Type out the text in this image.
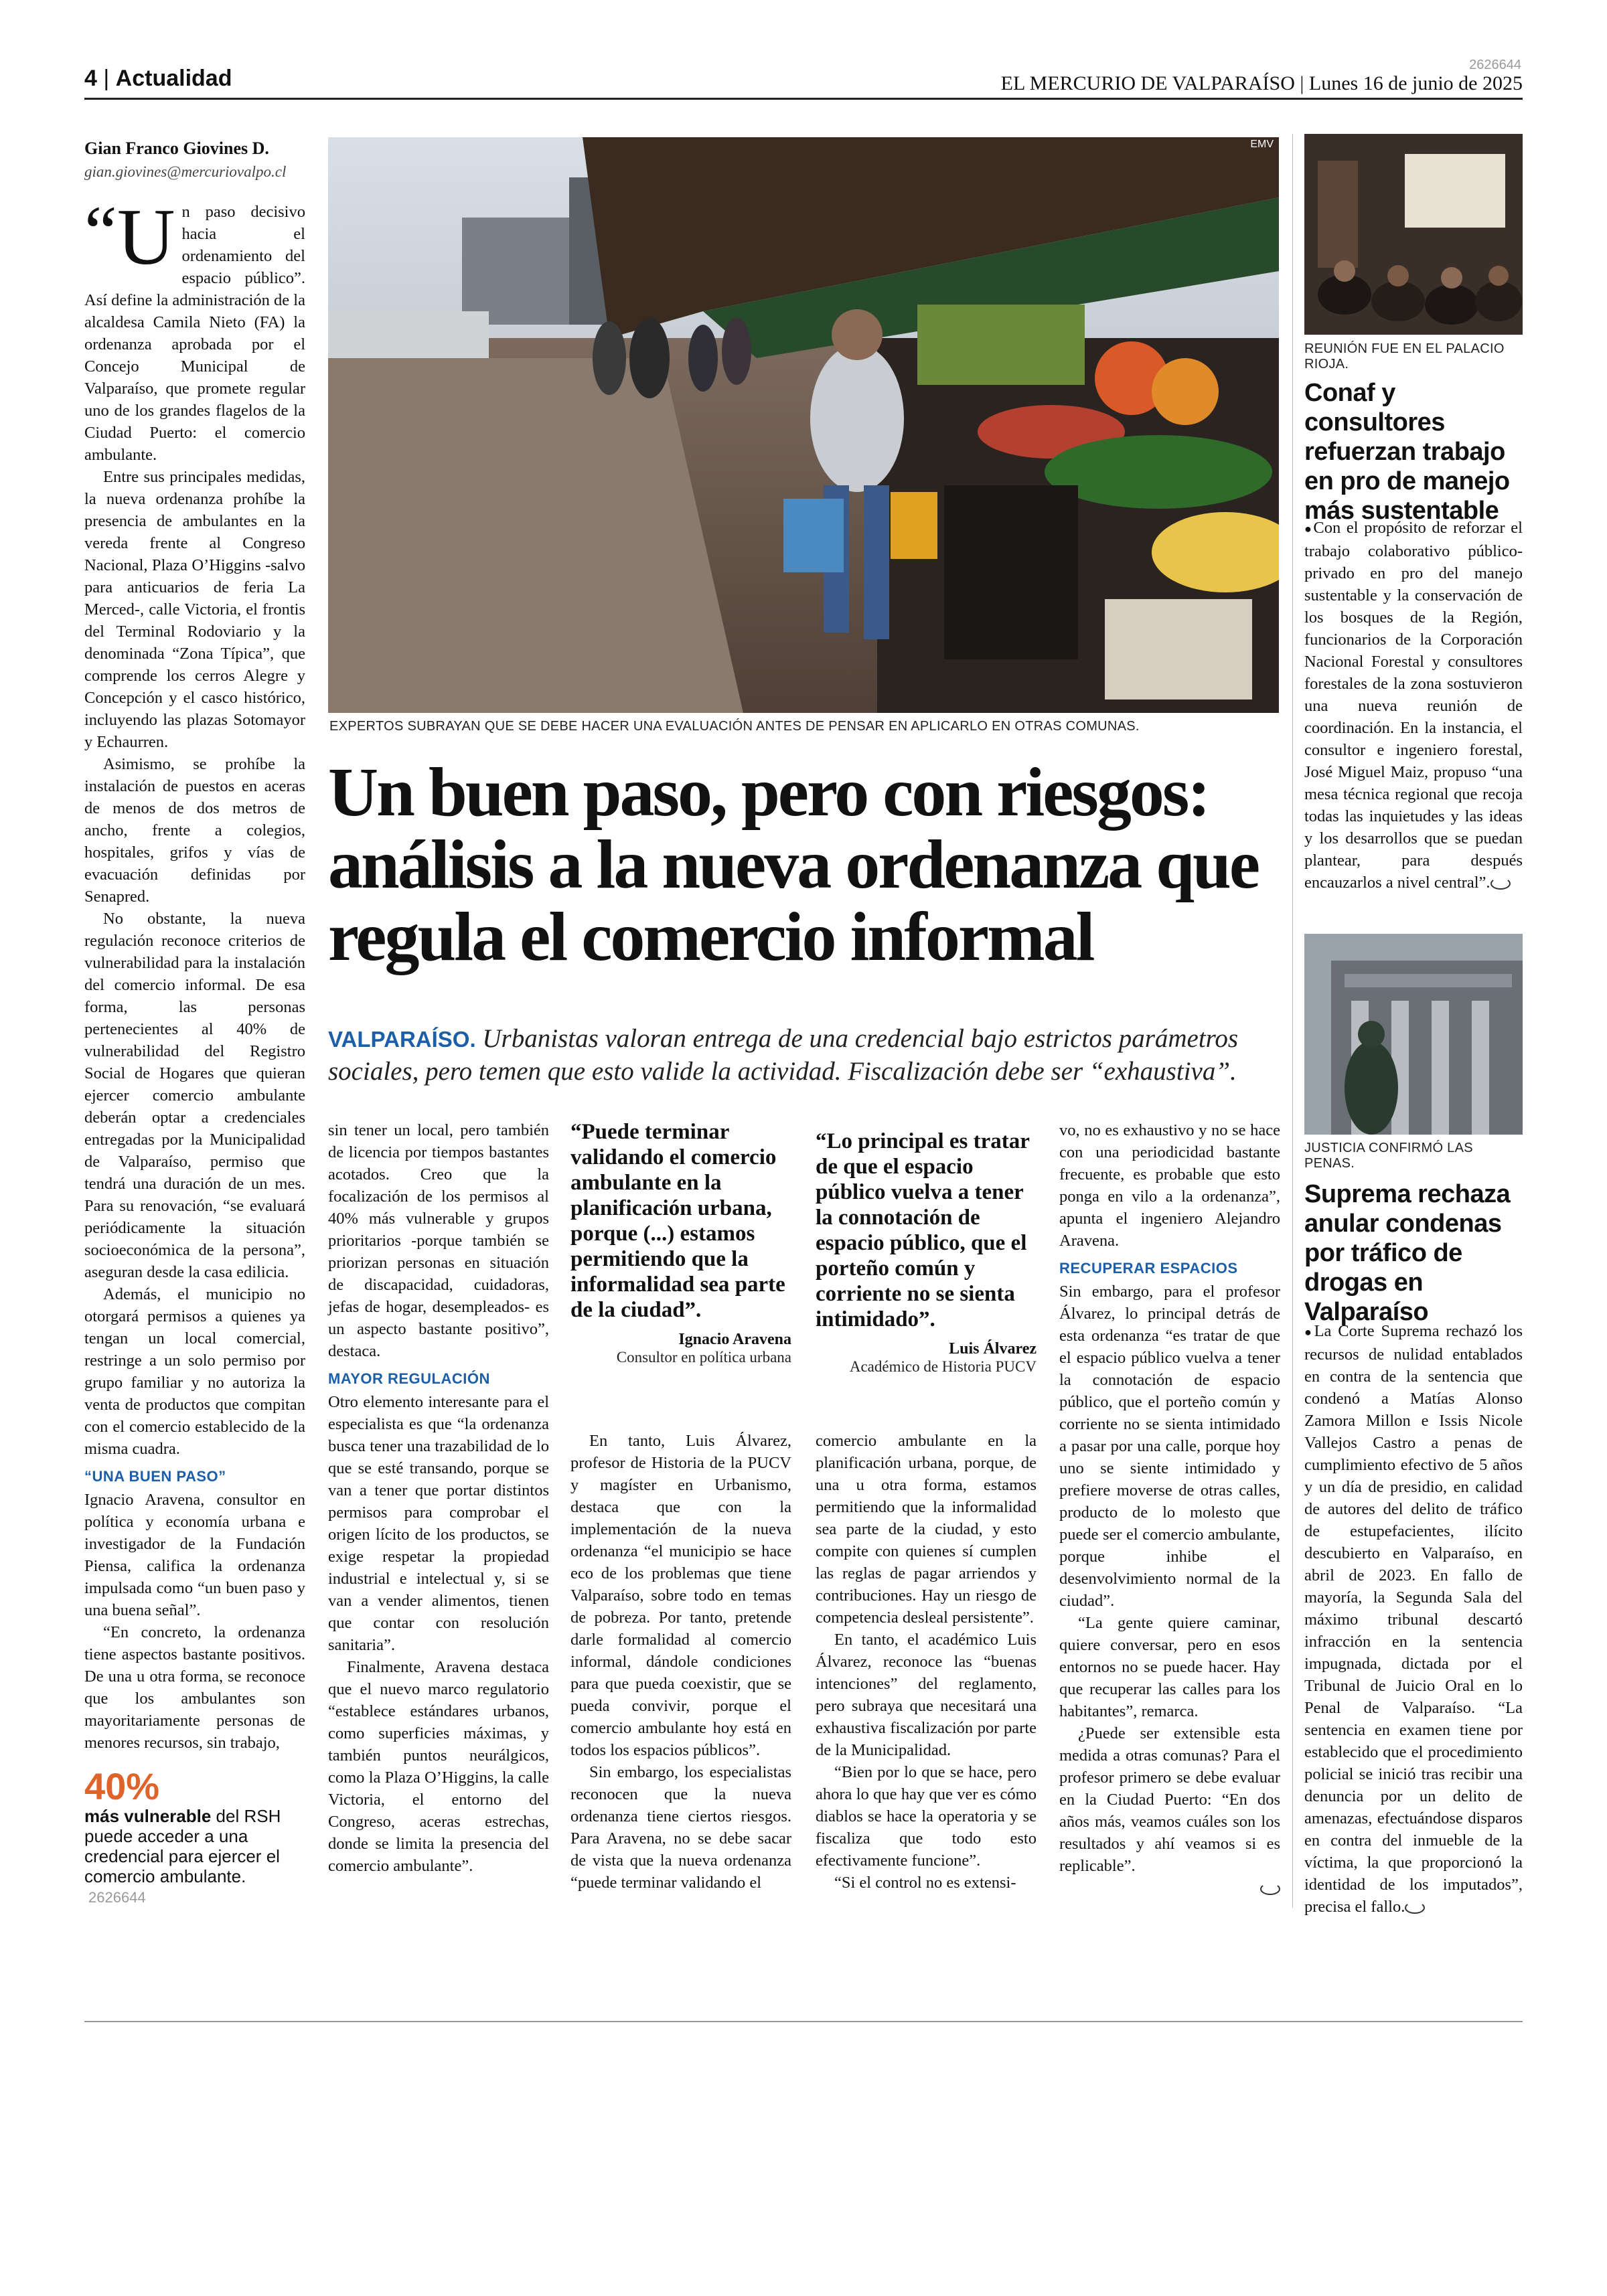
4 | Actualidad
2626644
EL MERCURIO DE VALPARAÍSO | Lunes 16 de junio de 2025
Gian Franco Giovines D.
gian.giovines@mercuriovalpo.cl
“U n paso decisivo hacia el ordenamiento del espacio público”. Así define la administración de la alcaldesa Camila Nieto (FA) la ordenanza aprobada por el Concejo Municipal de Valparaíso, que promete regular uno de los grandes flagelos de la Ciudad Puerto: el comercio ambulante.

Entre sus principales medidas, la nueva ordenanza prohíbe la presencia de ambulantes en la vereda frente al Congreso Nacional, Plaza O’Higgins -salvo para anticuarios de feria La Merced-, calle Victoria, el frontis del Terminal Rodoviario y la denominada “Zona Típica”, que comprende los cerros Alegre y Concepción y el casco histórico, incluyendo las plazas Sotomayor y Echaurren.

Asimismo, se prohíbe la instalación de puestos en aceras de menos de dos metros de ancho, frente a colegios, hospitales, grifos y vías de evacuación definidas por Senapred.

No obstante, la nueva regulación reconoce criterios de vulnerabilidad para la instalación del comercio informal. De esa forma, las personas pertenecientes al 40% de vulnerabilidad del Registro Social de Hogares que quieran ejercer comercio ambulante deberán optar a credenciales entregadas por la Municipalidad de Valparaíso, permiso que tendrá una duración de un mes. Para su renovación, “se evaluará periódicamente la situación socioeconómica de la persona”, aseguran desde la casa edilicia.

Además, el municipio no otorgará permisos a quienes ya tengan un local comercial, restringe a un solo permiso por grupo familiar y no autoriza la venta de productos que compitan con el comercio establecido de la misma cuadra.

“UNA BUEN PASO”

Ignacio Aravena, consultor en política y economía urbana e investigador de la Fundación Piensa, califica la ordenanza impulsada como “un buen paso y una buena señal”.

“En concreto, la ordenanza tiene aspectos bastante positivos. De una u otra forma, se reconoce que los ambulantes son mayoritariamente personas de menores recursos, sin trabajo,

40%
más vulnerable del RSH puede acceder a una credencial para ejercer el comercio ambulante.
2626644
EMV
EXPERTOS SUBRAYAN QUE SE DEBE HACER UNA EVALUACIÓN ANTES DE PENSAR EN APLICARLO EN OTRAS COMUNAS.
Un buen paso, pero con riesgos: análisis a la nueva ordenanza que regula el comercio informal
VALPARAÍSO. Urbanistas valoran entrega de una credencial bajo estrictos parámetros sociales, pero temen que esto valide la actividad. Fiscalización debe ser “exhaustiva”.

sin tener un local, pero también de licencia por tiempos bastantes acotados. Creo que la focalización de los permisos al 40% más vulnerable y grupos prioritarios -porque también se priorizan personas en situación de discapacidad, cuidadoras, jefas de hogar, desempleados- es un aspecto bastante positivo”, destaca.

MAYOR REGULACIÓN

Otro elemento interesante para el especialista es que “la ordenanza busca tener una trazabilidad de lo que se esté transando, porque se van a tener que portar distintos permisos para comprobar el origen lícito de los productos, se exige respetar la propiedad industrial e intelectual y, si se van a vender alimentos, tienen que contar con resolución sanitaria”.

Finalmente, Aravena destaca que el nuevo marco regulatorio “establece estándares urbanos, como superficies máximas, y también puntos neurálgicos, como la Plaza O’Higgins, la calle Victoria, el entorno del Congreso, aceras estrechas, donde se limita la presencia del comercio ambulante”.

“Puede terminar validando el comercio ambulante en la planificación urbana, porque (...) estamos permitiendo que la informalidad sea parte de la ciudad”.
Ignacio Aravena
Consultor en política urbana
“Lo principal es tratar de que el espacio público vuelva a tener la connotación de espacio público, que el porteño común y corriente no se sienta intimidado”.
Luis Álvarez
Académico de Historia PUCV

En tanto, Luis Álvarez, profesor de Historia de la PUCV y magíster en Urbanismo, destaca que con la implementación de la nueva ordenanza “el municipio se hace eco de los problemas que tiene Valparaíso, sobre todo en temas de pobreza. Por tanto, pretende darle formalidad al comercio informal, dándole condiciones para que pueda coexistir, que se pueda convivir, porque el comercio ambulante hoy está en todos los espacios públicos”.

Sin embargo, los especialistas reconocen que la nueva ordenanza tiene ciertos riesgos. Para Aravena, no se debe sacar de vista que la nueva ordenanza “puede terminar validando el

comercio ambulante en la planificación urbana, porque, de una u otra forma, estamos permitiendo que la informalidad sea parte de la ciudad, y esto compite con quienes sí cumplen las reglas de pagar arriendos y contribuciones. Hay un riesgo de competencia desleal persistente”.

En tanto, el académico Luis Álvarez, reconoce las “buenas intenciones” del reglamento, pero subraya que necesitará una exhaustiva fiscalización por parte de la Municipalidad.

“Bien por lo que se hace, pero ahora lo que hay que ver es cómo diablos se hace la operatoria y se fiscaliza que todo esto efectivamente funcione”.

“Si el control no es extensi-

vo, no es exhaustivo y no se hace con una periodicidad bastante frecuente, es probable que esto ponga en vilo a la ordenanza”, apunta el ingeniero Alejandro Aravena.

RECUPERAR ESPACIOS

Sin embargo, para el profesor Álvarez, lo principal detrás de esta ordenanza “es tratar de que el espacio público vuelva a tener la connotación de espacio público, que el porteño común y corriente no se sienta intimidado a pasar por una calle, porque hoy uno se siente intimidado y prefiere moverse de otras calles, producto de lo molesto que puede ser el comercio ambulante, porque inhibe el desenvolvimiento normal de la ciudad”.

“La gente quiere caminar, quiere conversar, pero en esos entornos no se puede hacer. Hay que recuperar las calles para los habitantes”, remarca.

¿Puede ser extensible esta medida a otras comunas? Para el profesor primero se debe evaluar en la Ciudad Puerto: “En dos años más, veamos cuáles son los resultados y ahí veamos si es replicable”.

REUNIÓN FUE EN EL PALACIO RIOJA.
Conaf y consultores refuerzan trabajo en pro de manejo más sustentable

●Con el propósito de reforzar el trabajo colaborativo público-privado en pro del manejo sustentable y la conservación de los bosques de la Región, funcionarios de la Corporación Nacional Forestal y consultores forestales de la zona sostuvieron una nueva reunión de coordinación. En la instancia, el consultor e ingeniero forestal, José Miguel Maiz, propuso “una mesa técnica regional que recoja todas las inquietudes y las ideas y los desarrollos que se puedan plantear, para después encauzarlos a nivel central”.

JUSTICIA CONFIRMÓ LAS PENAS.
Suprema rechaza anular condenas por tráfico de drogas en Valparaíso

●La Corte Suprema rechazó los recursos de nulidad entablados en contra de la sentencia que condenó a Matías Alonso Zamora Millon e Issis Nicole Vallejos Castro a penas de cumplimiento efectivo de 5 años y un día de presidio, en calidad de autores del delito de tráfico de estupefacientes, ilícito descubierto en Valparaíso, en abril de 2023. En fallo de mayoría, la Segunda Sala del máximo tribunal descartó infracción en la sentencia impugnada, dictada por el Tribunal de Juicio Oral en lo Penal de Valparaíso. “La sentencia en examen tiene por establecido que el procedimiento policial se inició tras recibir una denuncia por un delito de amenazas, efectuándose disparos en contra del inmueble de la víctima, la que proporcionó la identidad de los imputados”, precisa el fallo.
